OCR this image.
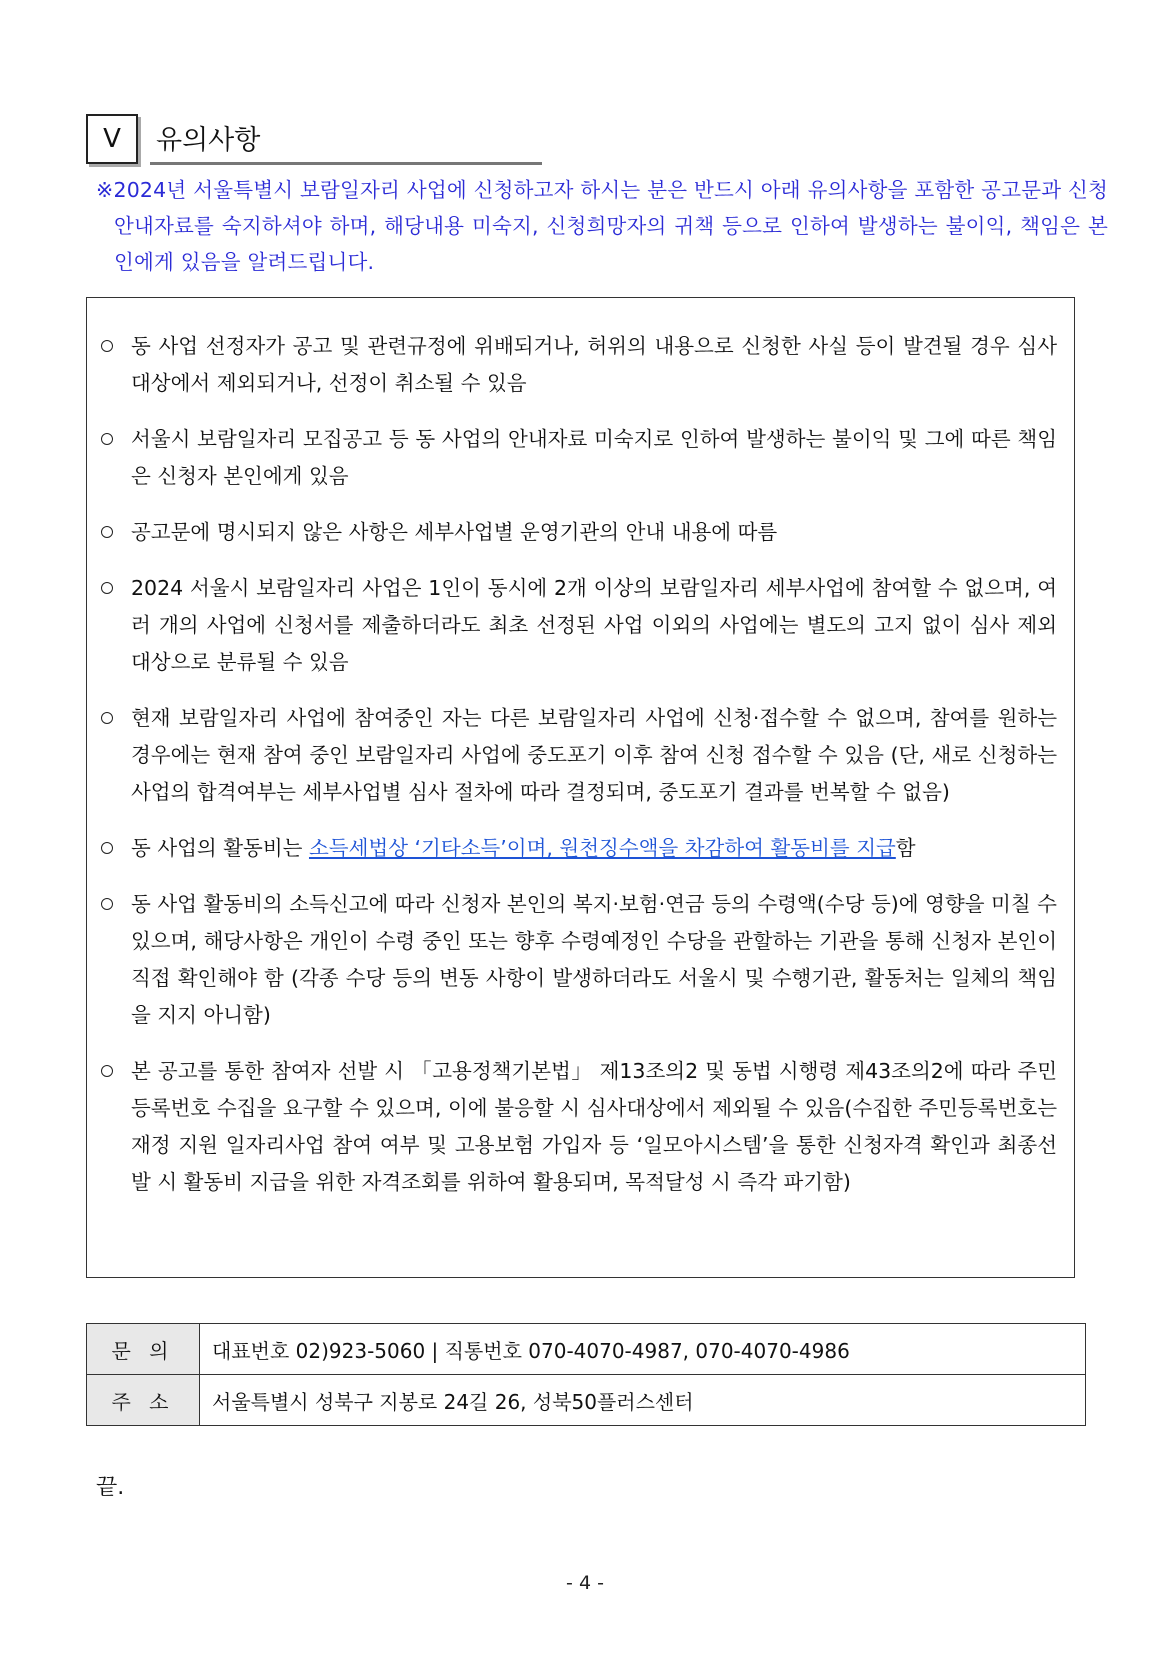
V	유의사항
※2024년 서울특별시 보람일자리 사업에 신청하고자 하시는 분은 반드시 아래 유의사항을 포함한 공고문과 신청 안내자료를 숙지하셔야 하며, 해당내용 미숙지, 신청희망자의 귀책 등으로 인하여 발생하는 불이익, 책임은 본인에게 있음을 알려드립니다.
동 사업 선정자가 공고 및 관련규정에 위배되거나, 허위의 내용으로 신청한 사실 등이 발견될 경우 심사대상에서 제외되거나, 선정이 취소될 수 있음
서울시 보람일자리 모집공고 등 동 사업의 안내자료 미숙지로 인하여 발생하는 불이익 및 그에 따른 책임은 신청자 본인에게 있음
공고문에 명시되지 않은 사항은 세부사업별 운영기관의 안내 내용에 따름
2024 서울시 보람일자리 사업은 1인이 동시에 2개 이상의 보람일자리 세부사업에 참여할 수 없으며, 여러 개의 사업에 신청서를 제출하더라도 최초 선정된 사업 이외의 사업에는 별도의 고지 없이 심사 제외 대상으로 분류될 수 있음
현재 보람일자리 사업에 참여중인 자는 다른 보람일자리 사업에 신청·접수할 수 없으며, 참여를 원하는 경우에는 현재 참여 중인 보람일자리 사업에 중도포기 이후 참여 신청 접수할 수 있음 (단, 새로 신청하는 사업의 합격여부는 세부사업별 심사 절차에 따라 결정되며, 중도포기 결과를 번복할 수 없음)
동 사업의 활동비는 소득세법상 ‘기타소득’이며, 원천징수액을 차감하여 활동비를 지급함
동 사업 활동비의 소득신고에 따라 신청자 본인의 복지·보험·연금 등의 수령액(수당 등)에 영향을 미칠 수 있으며, 해당사항은 개인이 수령 중인 또는 향후 수령예정인 수당을 관할하는 기관을 통해 신청자 본인이 직접 확인해야 함 (각종 수당 등의 변동 사항이 발생하더라도 서울시 및 수행기관, 활동처는 일체의 책임을 지지 아니함)
본 공고를 통한 참여자 선발 시 「고용정책기본법」 제13조의2 및 동법 시행령 제43조의2에 따라 주민등록번호 수집을 요구할 수 있으며, 이에 불응할 시 심사대상에서 제외될 수 있음(수집한 주민등록번호는 재정 지원 일자리사업 참여 여부 및 고용보험 가입자 등 ‘일모아시스템’을 통한 신청자격 확인과 최종선발 시 활동비 지급을 위한 자격조회를 위하여 활용되며, 목적달성 시 즉각 파기함)
문 의	대표번호 02)923-5060 | 직통번호 070-4070-4987, 070-4070-4986
주 소	서울특별시 성북구 지봉로 24길 26, 성북50플러스센터
끝.
- 4 -
